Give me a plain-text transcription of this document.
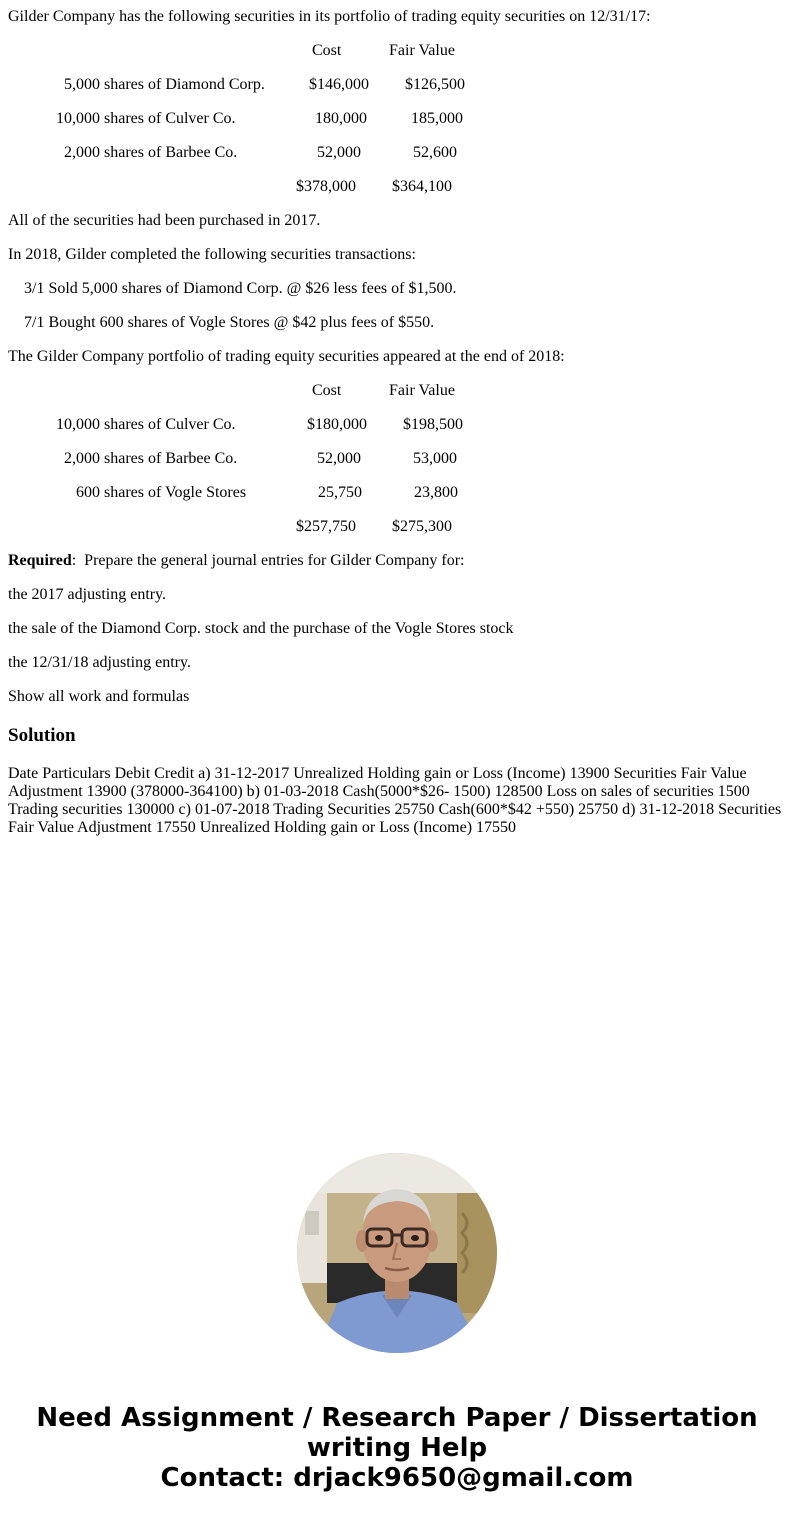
Gilder Company has the following securities in its portfolio of trading equity securities on 12/31/17:
Cost	Fair Value
5,000 shares of Diamond Corp.	$146,000 $126,500
10,000 shares of Culver Co.	180,000	185,000
2,000 shares of Barbee Co.	52,000	52,600
$378,000 $364,100
All of the securities had been purchased in 2017.
In 2018, Gilder completed the following securities transactions:
3/1 Sold 5,000 shares of Diamond Corp. @ $26 less fees of $1,500.
7/1 Bought 600 shares of Vogle Stores @ $42 plus fees of $550.
The Gilder Company portfolio of trading equity securities appeared at the end of 2018:
Cost	Fair Value
10,000 shares of Culver Co.	$180,000 $198,500
2,000 shares of Barbee Co.	52,000	53,000
600 shares of Vogle Stores	25,750	23,800
$257,750 $275,300
Required:  Prepare the general journal entries for Gilder Company for:
the 2017 adjusting entry.
the sale of the Diamond Corp. stock and the purchase of the Vogle Stores stock
the 12/31/18 adjusting entry.
Show all work and formulas
Solution
Date Particulars Debit Credit a) 31-12-2017 Unrealized Holding gain or Loss (Income) 13900 Securities Fair Value Adjustment 13900 (378000-364100) b) 01-03-2018 Cash(5000*$26- 1500) 128500 Loss on sales of securities 1500 Trading securities 130000 c) 01-07-2018 Trading Securities 25750 Cash(600*$42 +550) 25750 d) 31-12-2018 Securities Fair Value Adjustment 17550 Unrealized Holding gain or Loss (Income) 17550
Need Assignment / Research Paper / Dissertation
writing Help
Contact: drjack9650@gmail.com
